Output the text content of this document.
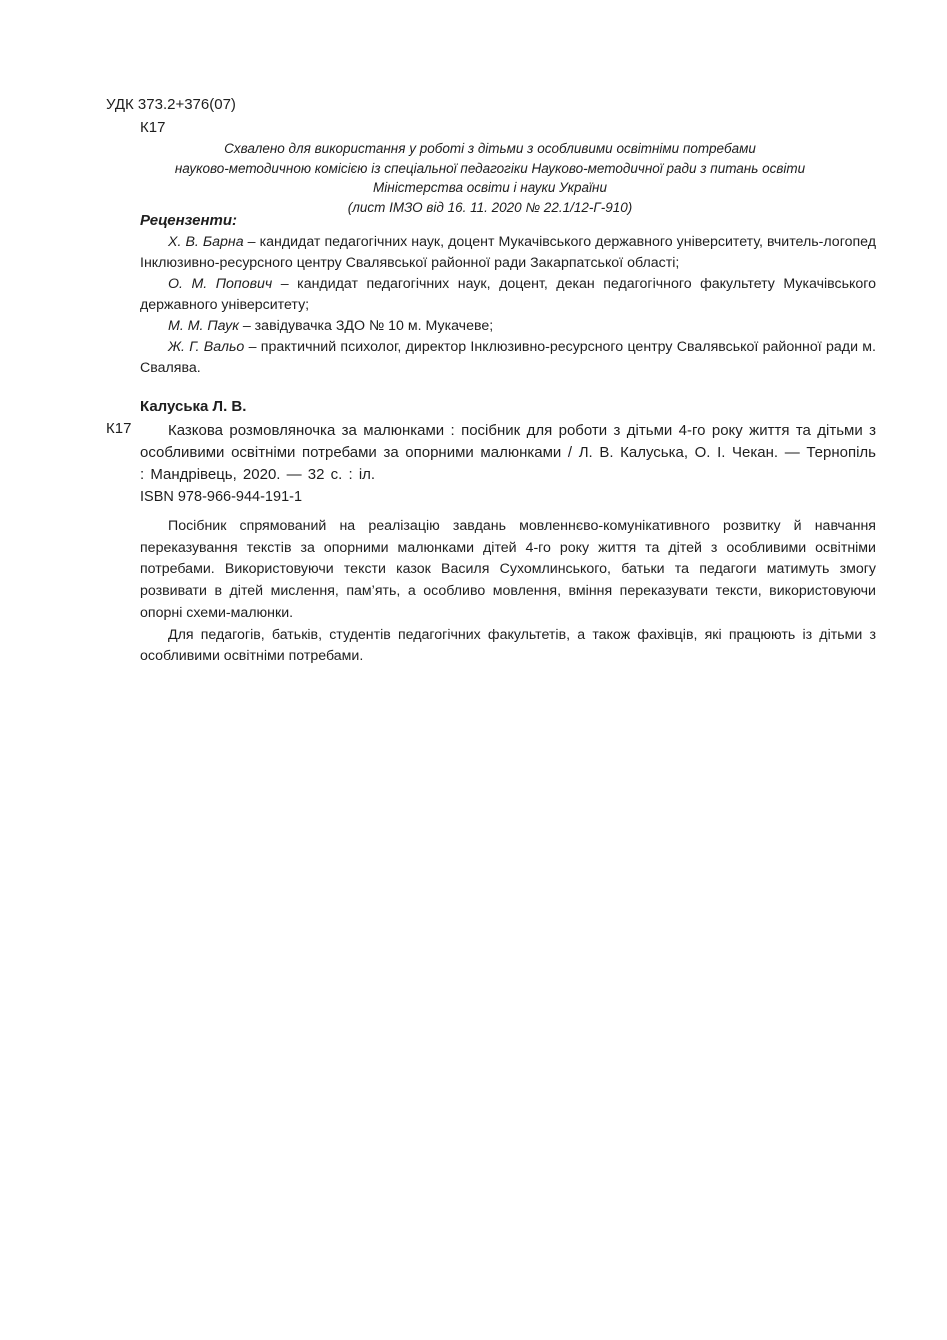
УДК 373.2+376(07)
К17
Схвалено для використання у роботі з дітьми з особливими освітніми потребами
науково-методичною комісією із спеціальної педагогіки Науково-методичної ради з питань освіти
Міністерства освіти і науки України
(лист ІМЗО від 16. 11. 2020 № 22.1/12-Г-910)
Рецензенти:

Х. В. Барна – кандидат педагогічних наук, доцент Мукачівського державного університету, вчитель-логопед Інклюзивно-ресурсного центру Свалявської районної ради Закарпатської області;

О. М. Попович – кандидат педагогічних наук, доцент, декан педагогічного факультету Мукачівського державного університету;

М. М. Паук – завідувачка ЗДО № 10 м. Мукачеве;

Ж. Г. Вальо – практичний психолог, директор Інклюзивно-ресурсного центру Свалявської районної ради м. Свалява.

Калуська Л. В.
К17	Казкова розмовляночка за малюнками : посібник для роботи з дітьми 4-го року життя та дітьми з особливими освітніми потребами за опорними малюнками / Л. В. Калуська, О. І. Чекан. — Тернопіль : Мандрівець, 2020. — 32 с. : іл.
ISBN 978-966-944-191-1

Посібник спрямований на реалізацію завдань мовленнєво-комунікативного розвитку й навчання переказування текстів за опорними малюнками дітей 4-го року життя та дітей з особливими освітніми потребами. Використовуючи тексти казок Василя Сухомлинського, батьки та педагоги матимуть змогу розвивати в дітей мислення, пам’ять, а особливо мовлення, вміння переказувати тексти, використовуючи опорні схеми-малюнки.

Для педагогів, батьків, студентів педагогічних факультетів, а також фахівців, які працюють із дітьми з особливими освітніми потребами.
